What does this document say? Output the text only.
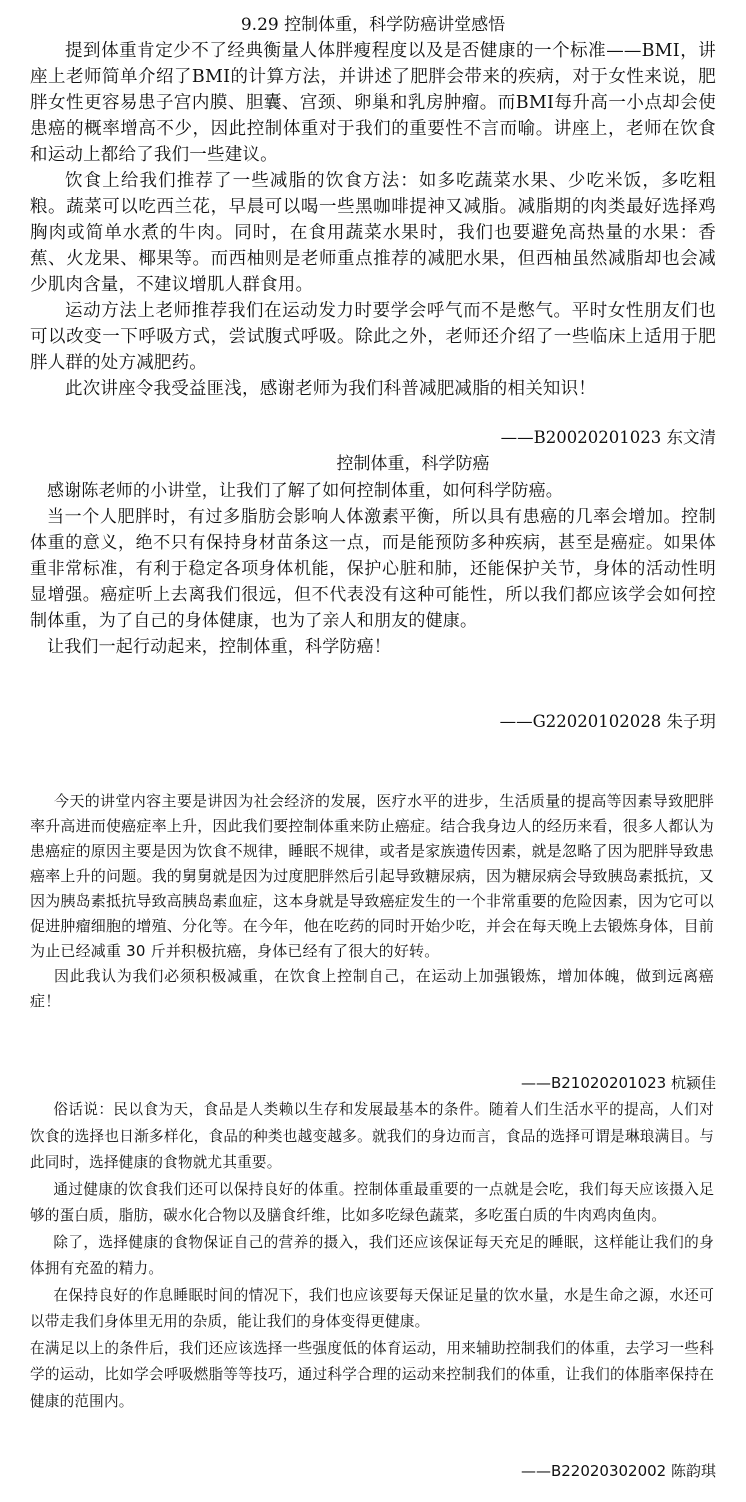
9.29 控制体重，科学防癌讲堂感悟

提到体重肯定少不了经典衡量人体胖瘦程度以及是否健康的一个标准——BMI，讲座上老师简单介绍了BMI的计算方法，并讲述了肥胖会带来的疾病，对于女性来说，肥胖女性更容易患子宫内膜、胆囊、宫颈、卵巢和乳房肿瘤。而BMI每升高一小点却会使患癌的概率增高不少，因此控制体重对于我们的重要性不言而喻。讲座上，老师在饮食和运动上都给了我们一些建议。

饮食上给我们推荐了一些减脂的饮食方法：如多吃蔬菜水果、少吃米饭，多吃粗粮。蔬菜可以吃西兰花，早晨可以喝一些黑咖啡提神又减脂。减脂期的肉类最好选择鸡胸肉或简单水煮的牛肉。同时，在食用蔬菜水果时，我们也要避免高热量的水果：香蕉、火龙果、椰果等。而西柚则是老师重点推荐的减肥水果，但西柚虽然减脂却也会减少肌肉含量，不建议增肌人群食用。

运动方法上老师推荐我们在运动发力时要学会呼气而不是憋气。平时女性朋友们也可以改变一下呼吸方式，尝试腹式呼吸。除此之外，老师还介绍了一些临床上适用于肥胖人群的处方减肥药。

此次讲座令我受益匪浅，感谢老师为我们科普减肥减脂的相关知识！

——B20020201023 东文清
控制体重，科学防癌

感谢陈老师的小讲堂，让我们了解了如何控制体重，如何科学防癌。

当一个人肥胖时，有过多脂肪会影响人体激素平衡，所以具有患癌的几率会增加。控制体重的意义，绝不只有保持身材苗条这一点，而是能预防多种疾病，甚至是癌症。如果体重非常标准，有利于稳定各项身体机能，保护心脏和肺，还能保护关节，身体的活动性明显增强。癌症听上去离我们很远，但不代表没有这种可能性，所以我们都应该学会如何控制体重，为了自己的身体健康，也为了亲人和朋友的健康。

让我们一起行动起来，控制体重，科学防癌！

——G22020102028 朱子玥

今天的讲堂内容主要是讲因为社会经济的发展，医疗水平的进步，生活质量的提高等因素导致肥胖率升高进而使癌症率上升，因此我们要控制体重来防止癌症。结合我身边人的经历来看，很多人都认为患癌症的原因主要是因为饮食不规律，睡眠不规律，或者是家族遗传因素，就是忽略了因为肥胖导致患癌率上升的问题。我的舅舅就是因为过度肥胖然后引起导致糖尿病，因为糖尿病会导致胰岛素抵抗，又因为胰岛素抵抗导致高胰岛素血症，这本身就是导致癌症发生的一个非常重要的危险因素，因为它可以促进肿瘤细胞的增殖、分化等。在今年，他在吃药的同时开始少吃，并会在每天晚上去锻炼身体，目前为止已经减重 30 斤并积极抗癌，身体已经有了很大的好转。

因此我认为我们必须积极减重，在饮食上控制自己，在运动上加强锻炼，增加体魄，做到远离癌症！

——B21020201023 杭颍佳

俗话说：民以食为天，食品是人类赖以生存和发展最基本的条件。随着人们生活水平的提高，人们对饮食的选择也日渐多样化，食品的种类也越变越多。就我们的身边而言，食品的选择可谓是琳琅满目。与此同时，选择健康的食物就尤其重要。

通过健康的饮食我们还可以保持良好的体重。控制体重最重要的一点就是会吃，我们每天应该摄入足够的蛋白质，脂肪，碳水化合物以及膳食纤维，比如多吃绿色蔬菜，多吃蛋白质的牛肉鸡肉鱼肉。

除了，选择健康的食物保证自己的营养的摄入，我们还应该保证每天充足的睡眠，这样能让我们的身体拥有充盈的精力。

在保持良好的作息睡眠时间的情况下，我们也应该要每天保证足量的饮水量，水是生命之源，水还可以带走我们身体里无用的杂质，能让我们的身体变得更健康。

在满足以上的条件后，我们还应该选择一些强度低的体育运动，用来辅助控制我们的体重，去学习一些科学的运动，比如学会呼吸燃脂等等技巧，通过科学合理的运动来控制我们的体重，让我们的体脂率保持在健康的范围内。

——B22020302002 陈韵琪
